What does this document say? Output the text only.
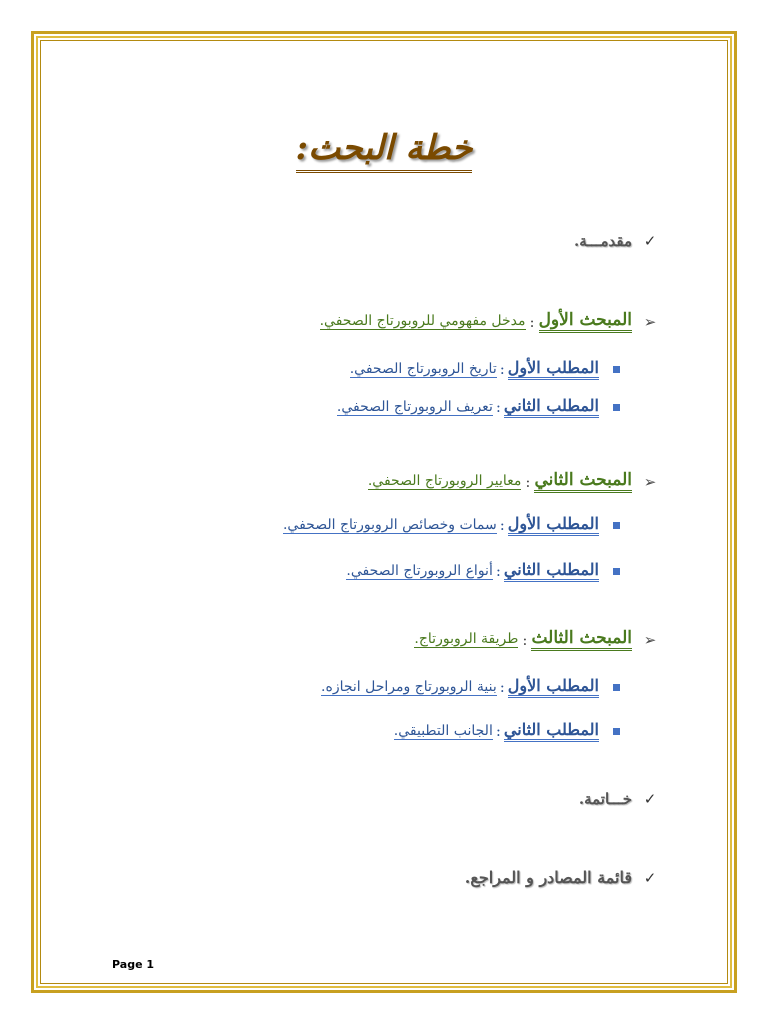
خطة البحث:
✓
مقدمـــة.
➢
المبحث الأول
:
مدخل مفهومي للروبورتاج الصحفي.
المطلب الأول
:
تاريخ الروبورتاج الصحفي.
المطلب الثاني
:
تعريف الروبورتاج الصحفي.
➢
المبحث الثاني
:
معايير الروبورتاج الصحفي.
المطلب الأول
:
سمات وخصائص الروبورتاج الصحفي.
المطلب الثاني
:
أنواع الروبورتاج الصحفي.
➢
المبحث الثالث
:
طريقة الروبورتاج.
المطلب الأول
:
بنية الروبورتاج ومراحل انجازه.
المطلب الثاني
:
الجانب التطبيقي.
✓
خـــاتمة.
✓
قائمة المصادر و المراجع.
Page 1
